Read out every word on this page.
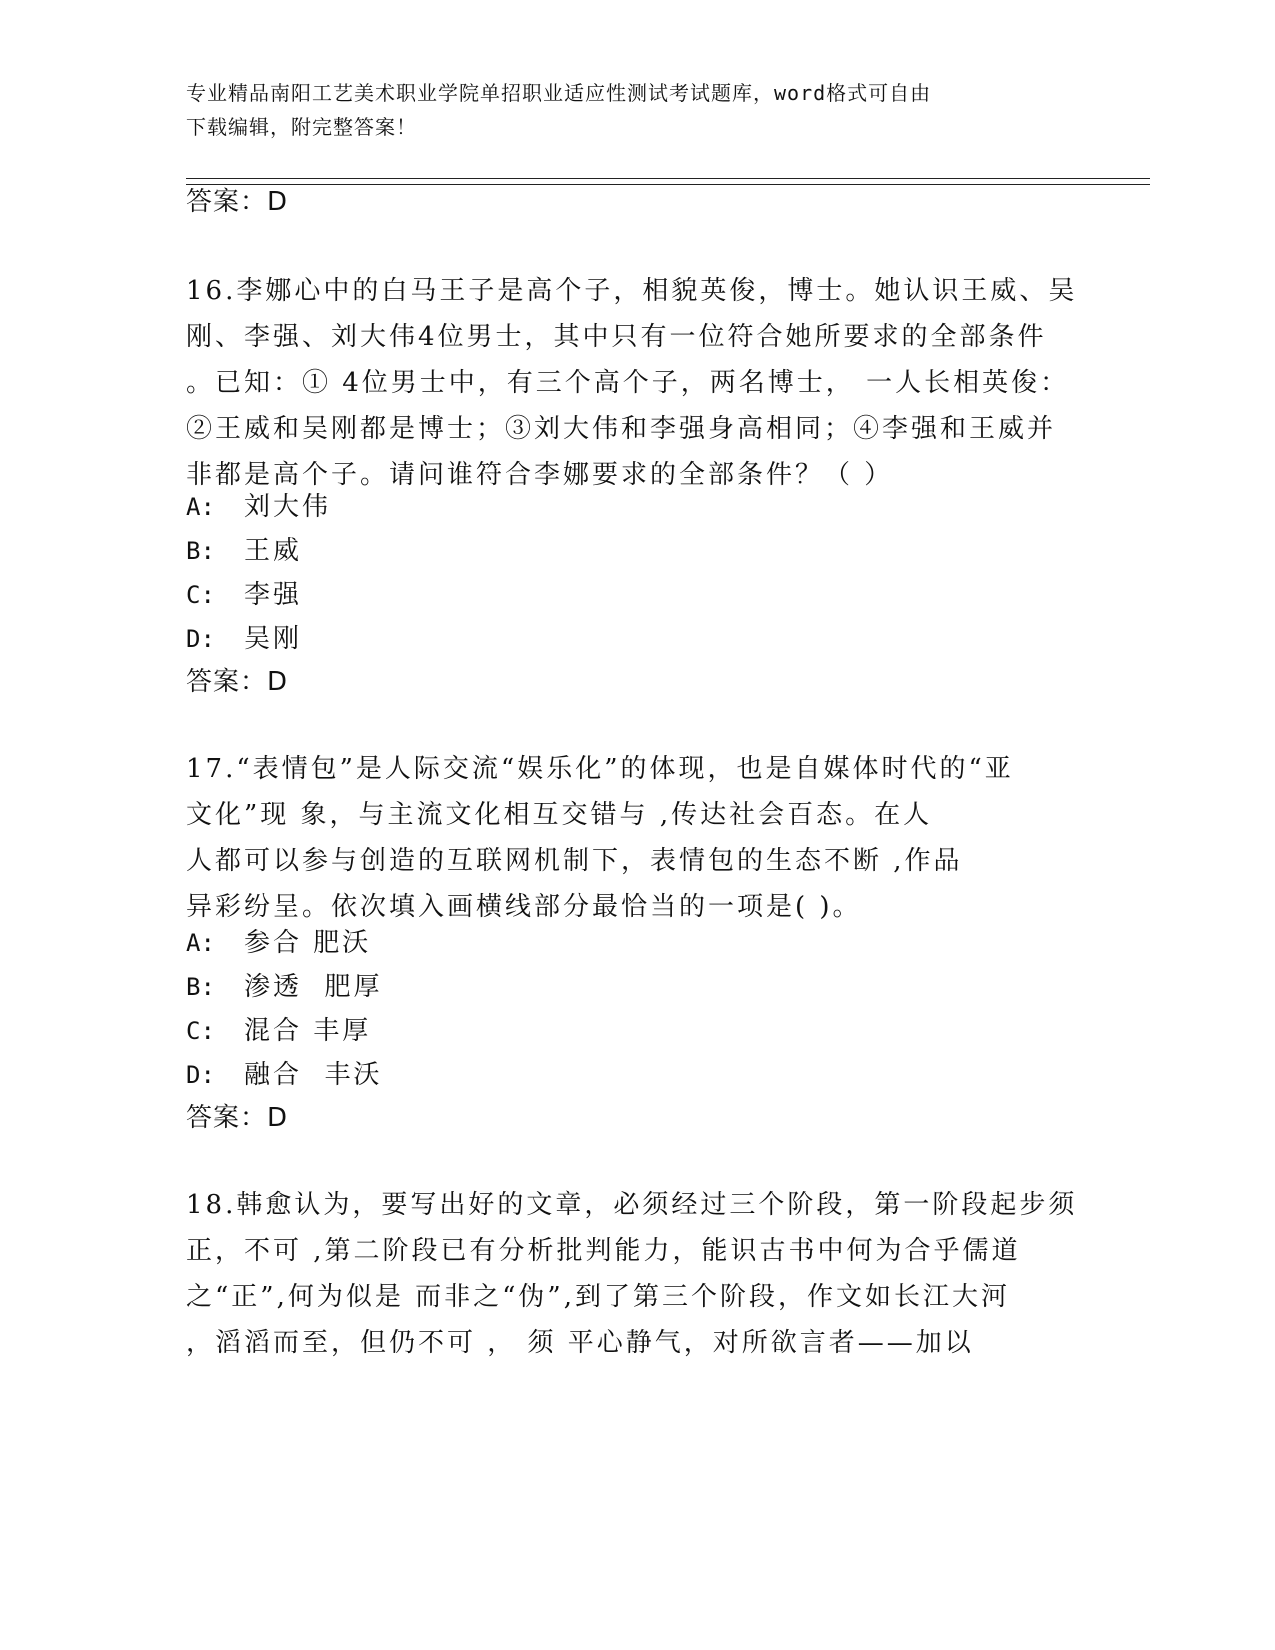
专业精品南阳工艺美术职业学院单招职业适应性测试考试题库，word格式可自由
下载编辑，附完整答案！
答案：D
16.李娜心中的白马王子是高个子，相貌英俊，博士。她认识王威、吴
刚、李强、刘大伟4位男士，其中只有一位符合她所要求的全部条件
。已知：① 4位男士中，有三个高个子，两名博士， 一人长相英俊：
②王威和吴刚都是博士；③刘大伟和李强身高相同；④李强和王威并
非都是高个子。请问谁符合李娜要求的全部条件？（ ）
A: 刘大伟
B: 王威
C: 李强
D: 吴刚
答案：D
17.“表情包”是人际交流“娱乐化”的体现，也是自媒体时代的“亚
文化”现 象，与主流文化相互交错与 ,传达社会百态。在人
人都可以参与创造的互联网机制下，表情包的生态不断 ,作品
异彩纷呈。依次填入画横线部分最恰当的一项是( )。
A: 参合 肥沃
B: 渗透  肥厚
C: 混合 丰厚
D: 融合  丰沃
答案：D
18.韩愈认为，要写出好的文章，必须经过三个阶段，第一阶段起步须
正，不可 ,第二阶段已有分析批判能力，能识古书中何为合乎儒道
之“正”,何为似是 而非之“伪”,到了第三个阶段，作文如长江大河
，滔滔而至，但仍不可 ， 须 平心静气，对所欲言者——加以
